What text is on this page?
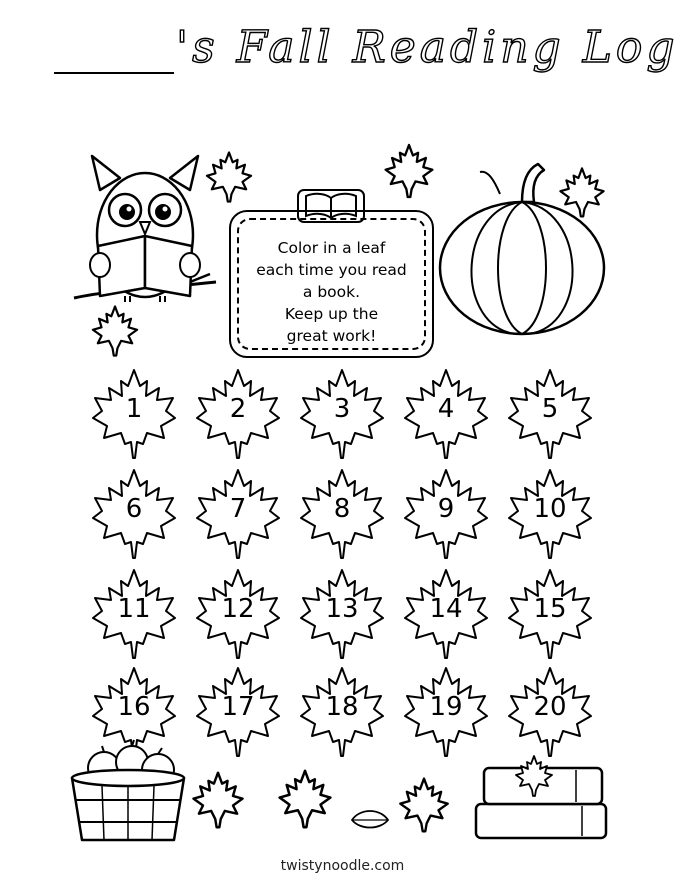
's Fall Reading Log
Color in a leaf
each time you read
a book.
Keep up the
great work!
1	2	3	4	5
6	7	8	9	10
11	12	13	14	15
16	17	18	19	20
twistynoodle.com
